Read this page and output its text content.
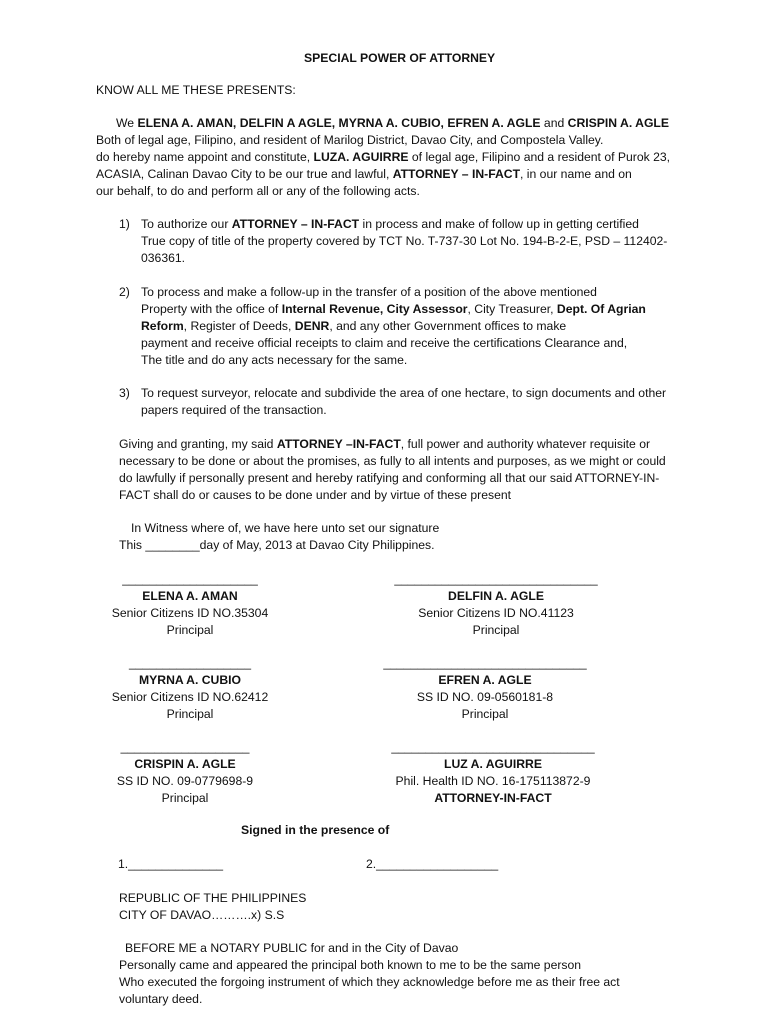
SPECIAL POWER OF ATTORNEY
KNOW ALL ME THESE PRESENTS:
We ELENA A. AMAN, DELFIN A AGLE, MYRNA A. CUBIO, EFREN A. AGLE and CRISPIN A. AGLE
Both of legal age, Filipino, and resident of Marilog District, Davao City, and Compostela Valley.
do hereby name appoint and constitute, LUZA. AGUIRRE of legal age, Filipino and a resident of Purok 23,
ACASIA, Calinan Davao City to be our true and lawful, ATTORNEY – IN-FACT, in our name and on
our behalf, to do and perform all or any of the following acts.
1) To authorize our ATTORNEY – IN-FACT in process and make of follow up in getting certified
True copy of title of the property covered by TCT No. T-737-30 Lot No. 194-B-2-E, PSD – 112402-
036361.
2) To process and make a follow-up in the transfer of a position of the above mentioned
Property with the office of Internal Revenue, City Assessor, City Treasurer, Dept. Of Agrian
Reform, Register of Deeds, DENR, and any other Government offices to make
payment and receive official receipts to claim and receive the certifications Clearance and,
The title and do any acts necessary for the same.
3) To request surveyor, relocate and subdivide the area of one hectare, to sign documents and other
papers required of the transaction.
Giving and granting, my said ATTORNEY –IN-FACT, full power and authority whatever requisite or
necessary to be done or about the promises, as fully to all intents and purposes, as we might or could
do lawfully if personally present and hereby ratifying and conforming all that our said ATTORNEY-IN-
FACT shall do or causes to be done under and by virtue of these present
In Witness where of, we have here unto set our signature
This ________day of May, 2013 at Davao City Philippines.
____________________
ELENA A. AMAN
Senior Citizens ID NO.35304
Principal
______________________________
DELFIN A. AGLE
Senior Citizens ID NO.41123
Principal
__________________
MYRNA A. CUBIO
Senior Citizens ID NO.62412
Principal
______________________________
EFREN A. AGLE
SS ID NO. 09-0560181-8
Principal
___________________
CRISPIN A. AGLE
SS ID NO. 09-0779698-9
Principal
______________________________
LUZ A. AGUIRRE
Phil. Health ID NO. 16-175113872-9
ATTORNEY-IN-FACT
Signed in the presence of
1.______________	2.__________________
REPUBLIC OF THE PHILIPPINES
CITY OF DAVAO……….x) S.S
BEFORE ME a NOTARY PUBLIC for and in the City of Davao
Personally came and appeared the principal both known to me to be the same person
Who executed the forgoing instrument of which they acknowledge before me as their free act
voluntary deed.
